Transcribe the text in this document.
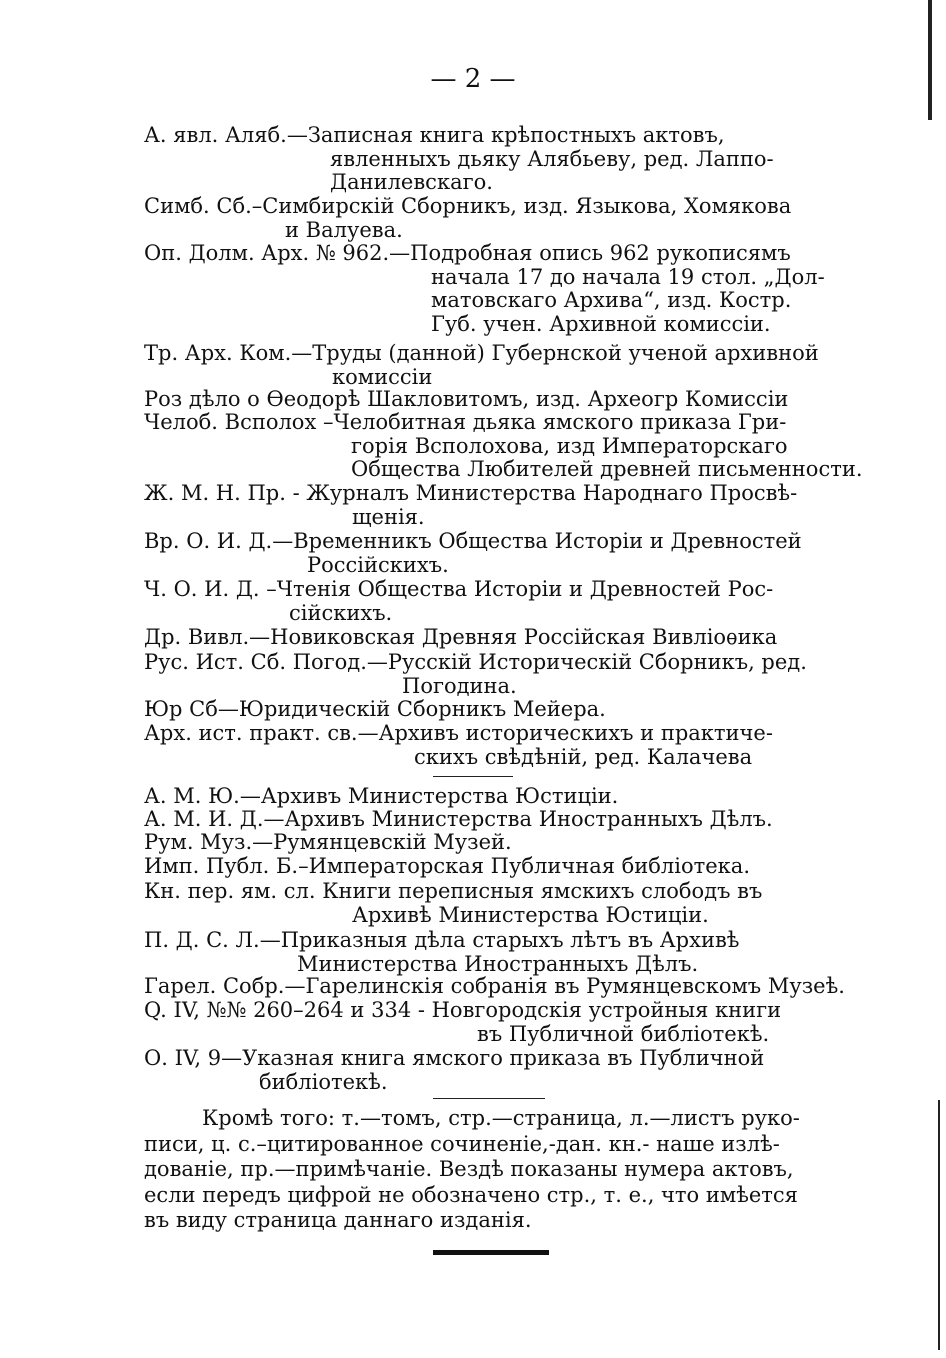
— 2 —
А. явл. Аляб.—Записная книга крѣпостныхъ актовъ,
явленныхъ дьяку Алябьеву, ред. Лаппо-
Данилевскаго.
Симб. Сб.–Симбирскій Сборникъ, изд. Языкова, Хомякова
и Валуева.
Оп. Долм. Арх. № 962.—Подробная опись 962 рукописямъ
начала 17 до начала 19 стол. „Дол-
матовскаго Архива“, изд. Костр.
Губ. учен. Архивной комиссіи.
Тр. Арх. Ком.—Труды (данной) Губернской ученой архивной
комиссіи
Роз дѣло о Ѳеодорѣ Шакловитомъ, изд. Археогр Комиссіи
Челоб. Всполох –Челобитная дьяка ямского приказа Гри-
горія Всполохова, изд Императорскаго
Общества Любителей древней письменности.
Ж. М. Н. Пр. - Журналъ Министерства Народнаго Просвѣ-
щенія.
Вр. О. И. Д.—Временникъ Общества Исторіи и Древностей
Россійскихъ.
Ч. О. И. Д. –Чтенія Общества Исторіи и Древностей Рос-
сійскихъ.
Др. Вивл.—Новиковская Древняя Россійская Вивліоѳика
Рус. Ист. Сб. Погод.—Русскій Историческій Сборникъ, ред.
Погодина.
Юр Сб—Юридическій Сборникъ Мейера.
Арх. ист. практ. св.—Архивъ историческихъ и практиче-
скихъ свѣдѣній, ред. Калачева
А. М. Ю.—Архивъ Министерства Юстиціи.
А. М. И. Д.—Архивъ Министерства Иностранныхъ Дѣлъ.
Рум. Муз.—Румянцевскій Музей.
Имп. Публ. Б.–Императорская Публичная библіотека.
Кн. пер. ям. сл. Книги переписныя ямскихъ слободъ въ
Архивѣ Министерства Юстиціи.
П. Д. С. Л.—Приказныя дѣла старыхъ лѣтъ въ Архивѣ
Министерства Иностранныхъ Дѣлъ.
Гарел. Собр.—Гарелинскія собранія въ Румянцевскомъ Музеѣ.
Q. IV, №№ 260–264 и 334 - Новгородскія устройныя книги
въ Публичной библіотекѣ.
О. IV, 9—Указная книга ямского приказа въ Публичной
библіотекѣ.
Кромѣ того: т.—томъ, стр.—страница, л.—листъ руко-
писи, ц. с.–цитированное сочиненіе,-дан. кн.- наше излѣ-
дованіе, пр.—примѣчаніе. Вездѣ показаны нумера актовъ,
если передъ цифрой не обозначено стр., т. е., что имѣется
въ виду страница даннаго изданія.
